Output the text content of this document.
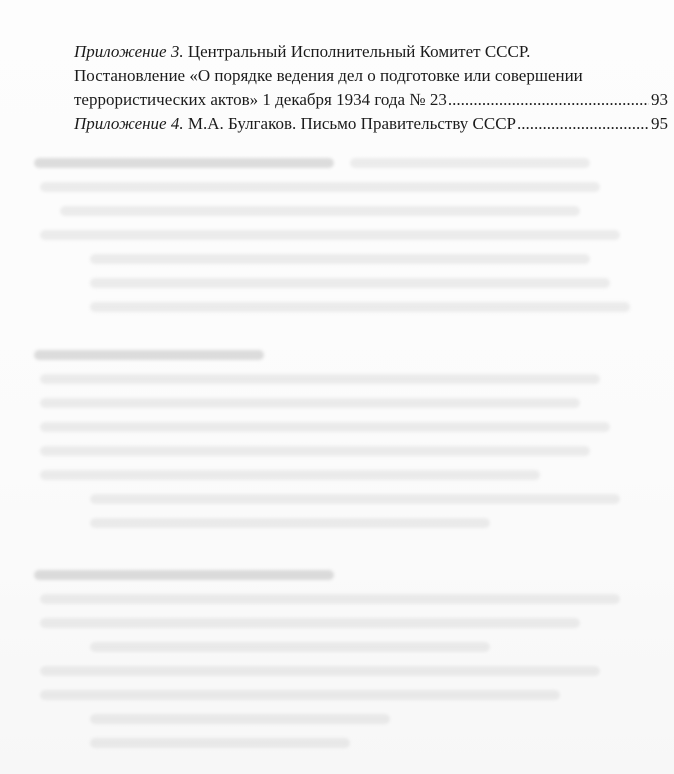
Приложение 3. Центральный Исполнительный Комитет СССР.
Постановление «О порядке ведения дел о подготовке или совершении
террористических актов» 1 декабря 1934 года № 23 .....	93
Приложение 4. М.А. Булгаков. Письмо Правительству СССР .....	95
